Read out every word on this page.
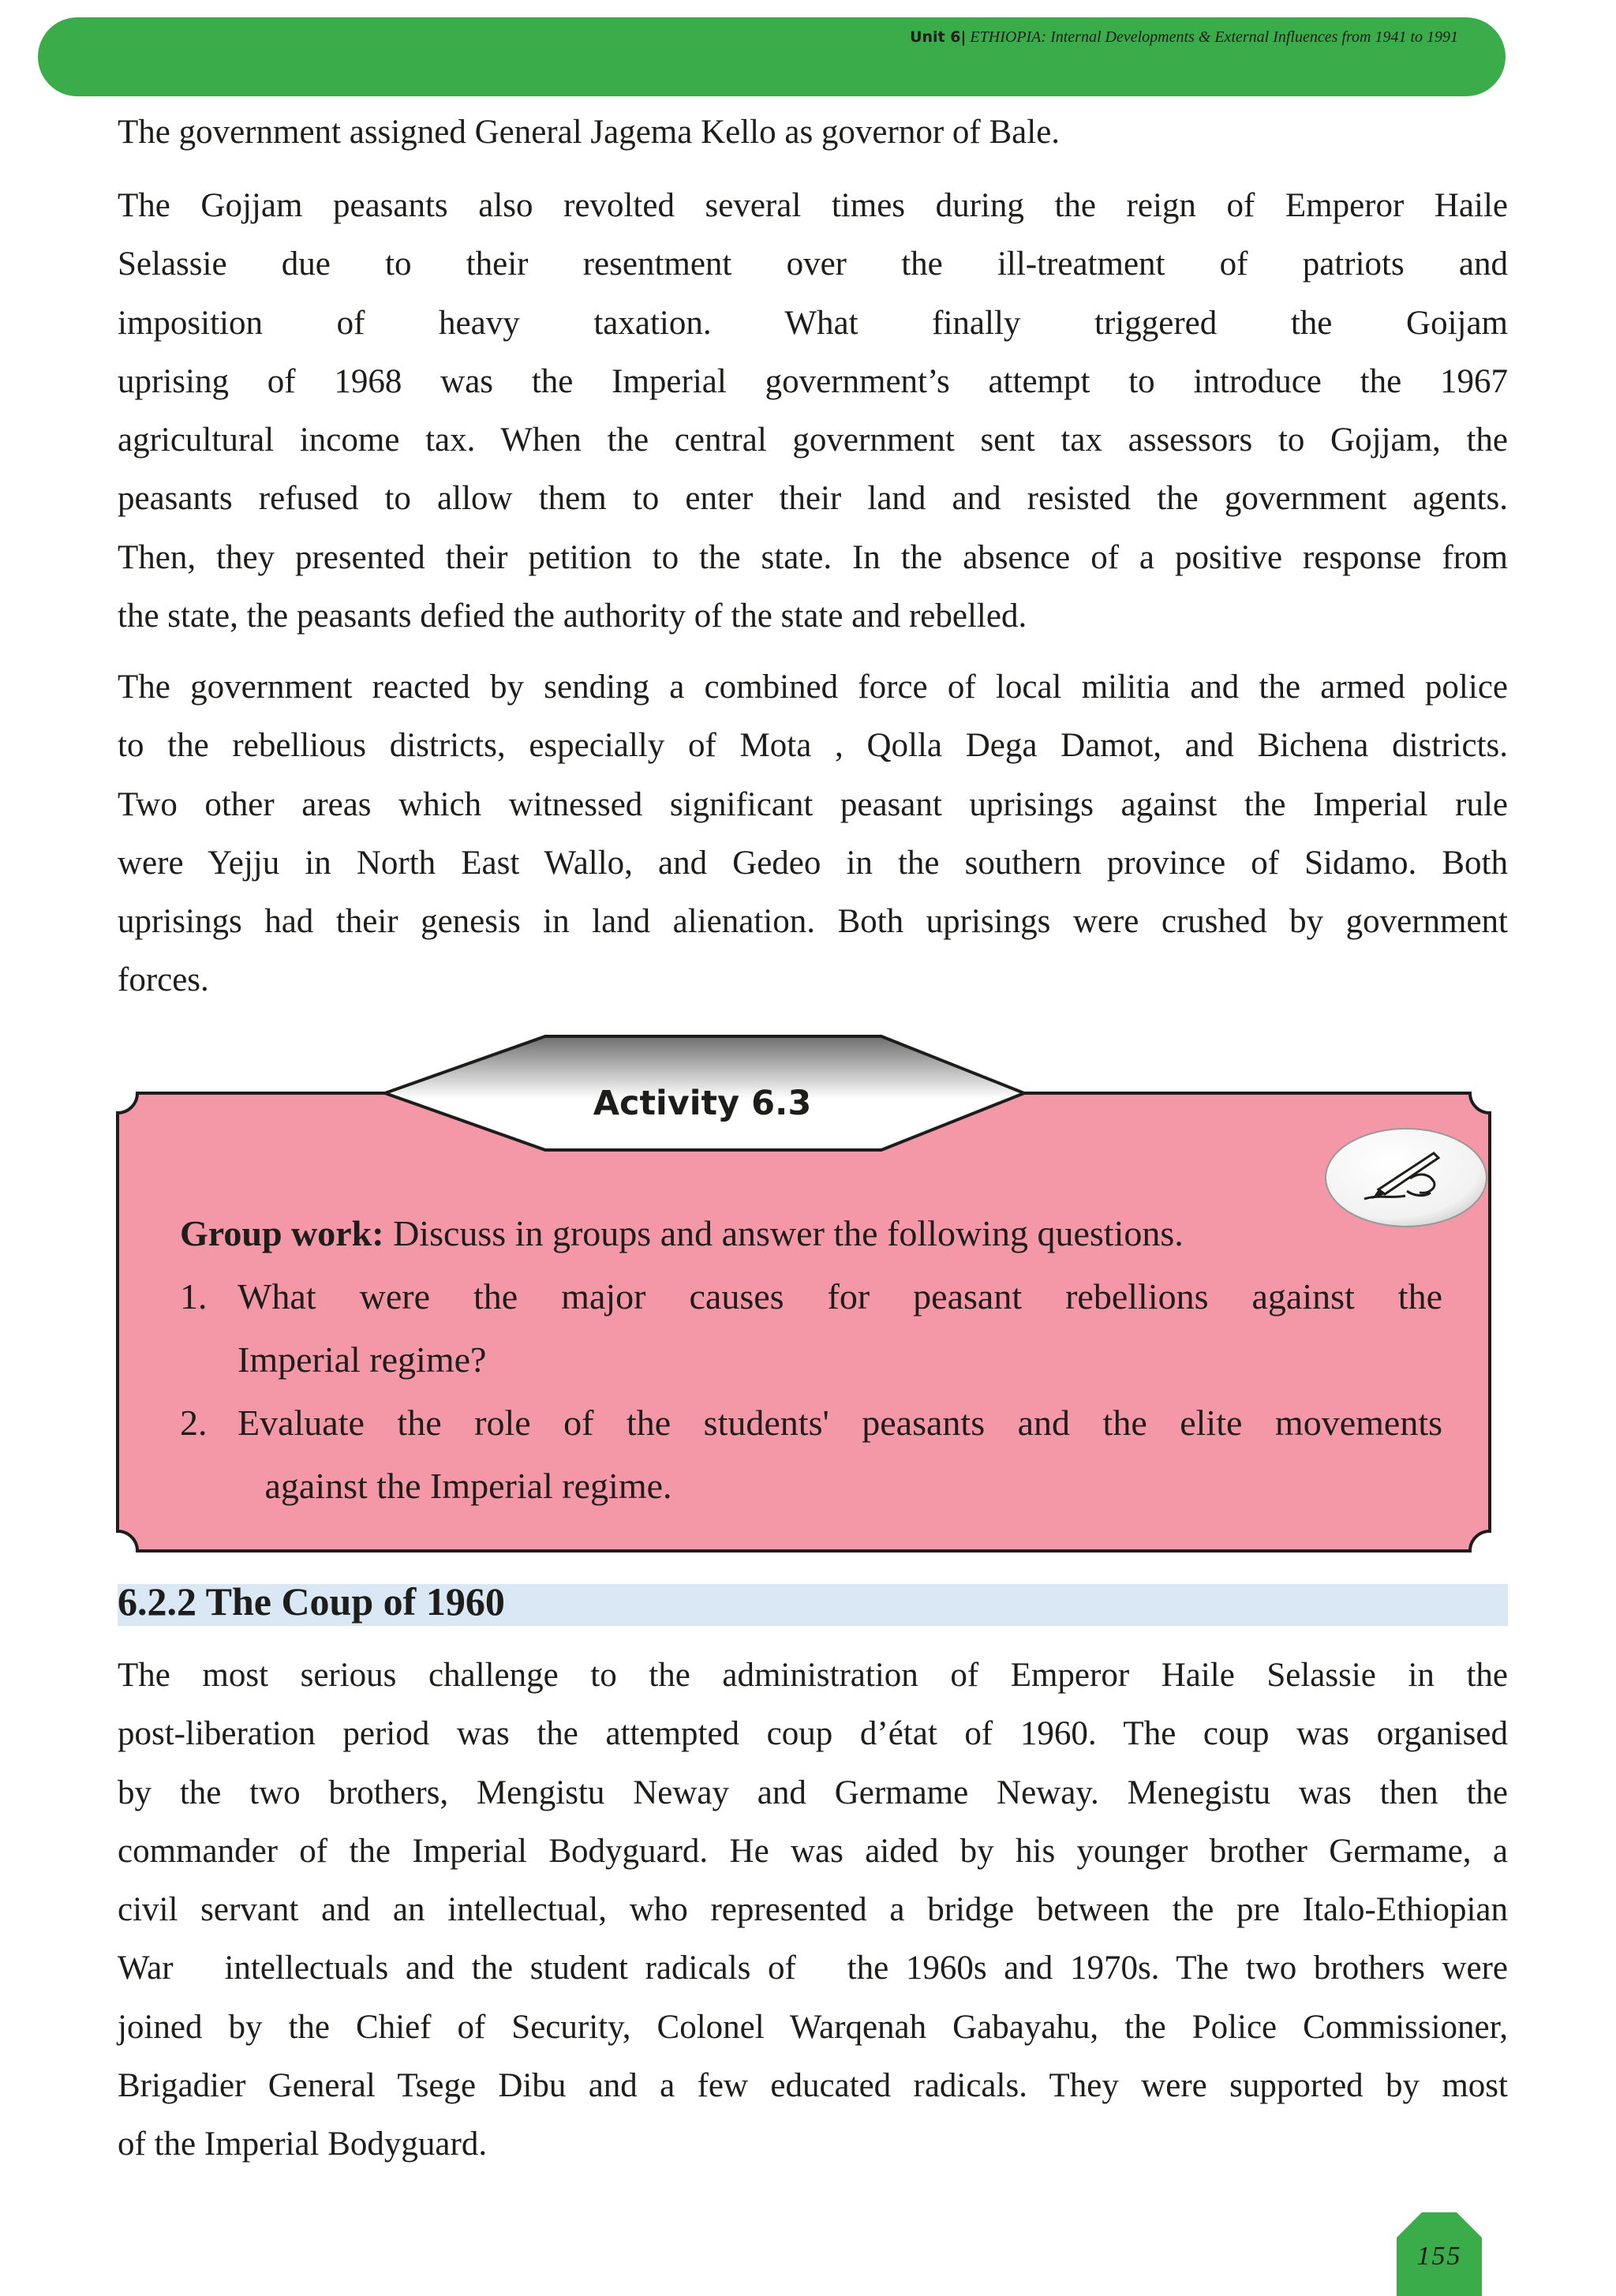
Unit 6| ETHIOPIA: Internal Developments & External Influences from 1941 to 1991

The government assigned General Jagema Kello as governor of Bale.

The Gojjam peasants also revolted several times during the reign of Emperor Haile
Selassie due to their resentment over the ill-treatment of patriots and
imposition of heavy taxation. What finally triggered the Goijam
uprising of 1968 was the Imperial government’s attempt to introduce the 1967
agricultural income tax. When the central government sent tax assessors to Gojjam, the
peasants refused to allow them to enter their land and resisted the government agents.
Then, they presented their petition to the state. In the absence of a positive response from
the state, the peasants defied the authority of the state and rebelled.

The government reacted by sending a combined force of local militia and the armed police
to the rebellious districts, especially of Mota , Qolla Dega Damot, and Bichena districts.
Two other areas which witnessed significant peasant uprisings against the Imperial rule
were Yejju in North East Wallo, and Gedeo in the southern province of Sidamo. Both
uprisings had their genesis in land alienation. Both uprisings were crushed by government
forces.

Activity 6.3

Group work: Discuss in groups and answer the following questions.

1. What were the major causes for peasant rebellions against the
Imperial regime?
2. Evaluate the role of the students' peasants and the elite movements
against the Imperial regime.
6.2.2 The Coup of 1960

The most serious challenge to the administration of Emperor Haile Selassie in the
post-liberation period was the attempted coup d’état of 1960. The coup was organised
by the two brothers, Mengistu Neway and Germame Neway. Menegistu was then the
commander of the Imperial Bodyguard. He was aided by his younger brother Germame, a
civil servant and an intellectual, who represented a bridge between the pre Italo-Ethiopian
War   intellectuals and the student radicals of   the 1960s and 1970s. The two brothers were
joined by the Chief of Security, Colonel Warqenah Gabayahu, the Police Commissioner,
Brigadier General Tsege Dibu and a few educated radicals. They were supported by most
of the Imperial Bodyguard.

155
